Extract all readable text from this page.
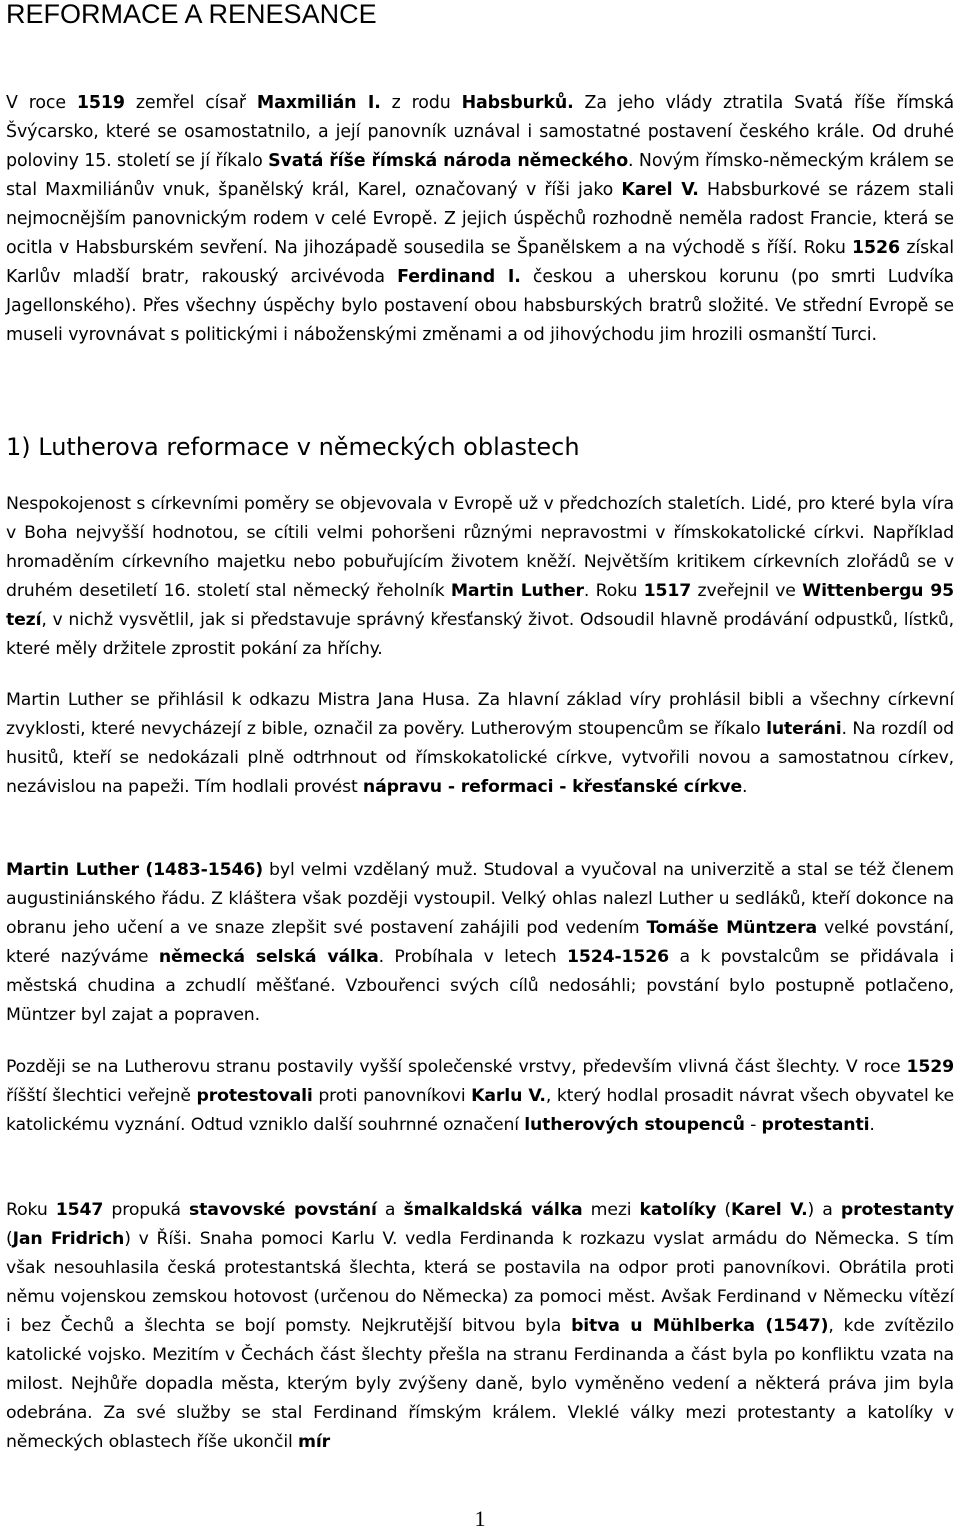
REFORMACE A RENESANCE

V roce 1519 zemřel císař Maxmilián I. z rodu Habsburků. Za jeho vlády ztratila Svatá říše římská Švýcarsko, které se osamostatnilo, a její panovník uznával i samostatné postavení českého krále. Od druhé poloviny 15. století se jí říkalo Svatá říše římská národa německého. Novým římsko-německým králem se stal Maxmiliánův vnuk, španělský král, Karel, označovaný v říši jako Karel V. Habsburkové se rázem stali nejmocnějším panovnickým rodem v celé Evropě. Z jejich úspěchů rozhodně neměla radost Francie, která se ocitla v Habsburském sevření. Na jihozápadě sousedila se Španělskem a na východě s říší. Roku 1526 získal Karlův mladší bratr, rakouský arcivévoda Ferdinand I. českou a uherskou korunu (po smrti Ludvíka Jagellonského). Přes všechny úspěchy bylo postavení obou habsburských bratrů složité. Ve střední Evropě se museli vyrovnávat s politickými i náboženskými změnami a od jihovýchodu jim hrozili osmanští Turci.

1) Lutherova reformace v německých oblastech

Nespokojenost s církevními poměry se objevovala v Evropě už v předchozích staletích. Lidé, pro které byla víra v Boha nejvyšší hodnotou, se cítili velmi pohoršeni různými nepravostmi v římskokatolické církvi. Například hromaděním církevního majetku nebo pobuřujícím životem kněží. Největším kritikem církevních zlořádů se v druhém desetiletí 16. století stal německý řeholník Martin Luther. Roku 1517 zveřejnil ve Wittenbergu 95 tezí, v nichž vysvětlil, jak si představuje správný křesťanský život. Odsoudil hlavně prodávání odpustků, lístků, které měly držitele zprostit pokání za hříchy.

Martin Luther se přihlásil k odkazu Mistra Jana Husa. Za hlavní základ víry prohlásil bibli a všechny církevní zvyklosti, které nevycházejí z bible, označil za pověry. Lutherovým stoupencům se říkalo luteráni. Na rozdíl od husitů, kteří se nedokázali plně odtrhnout od římskokatolické církve, vytvořili novou a samostatnou církev, nezávislou na papeži. Tím hodlali provést nápravu - reformaci - křesťanské církve.

Martin Luther (1483-1546) byl velmi vzdělaný muž. Studoval a vyučoval na univerzitě a stal se též členem augustiniánského řádu. Z kláštera však později vystoupil. Velký ohlas nalezl Luther u sedláků, kteří dokonce na obranu jeho učení a ve snaze zlepšit své postavení zahájili pod vedením Tomáše Müntzera velké povstání, které nazýváme německá selská válka. Probíhala v letech 1524-1526 a k povstalcům se přidávala i městská chudina a zchudlí měšťané. Vzbouřenci svých cílů nedosáhli; povstání bylo postupně potlačeno, Müntzer byl zajat a popraven.

Později se na Lutherovu stranu postavily vyšší společenské vrstvy, především vlivná část šlechty. V roce 1529 říšští šlechtici veřejně protestovali proti panovníkovi Karlu V., který hodlal prosadit návrat všech obyvatel ke katolickému vyznání. Odtud vzniklo další souhrnné označení lutherových stoupenců - protestanti.

Roku 1547 propuká stavovské povstání a šmalkaldská válka mezi katolíky (Karel V.) a protestanty (Jan Fridrich) v Říši. Snaha pomoci Karlu V. vedla Ferdinanda k rozkazu vyslat armádu do Německa. S tím však nesouhlasila česká protestantská šlechta, která se postavila na odpor proti panovníkovi. Obrátila proti němu vojenskou zemskou hotovost (určenou do Německa) za pomoci měst. Avšak Ferdinand v Německu vítězí i bez Čechů a šlechta se bojí pomsty. Nejkrutější bitvou byla bitva u Mühlberka (1547), kde zvítězilo katolické vojsko. Mezitím v Čechách část šlechty přešla na stranu Ferdinanda a část byla po konfliktu vzata na milost. Nejhůře dopadla města, kterým byly zvýšeny daně, bylo vyměněno vedení a některá práva jim byla odebrána. Za své služby se stal Ferdinand římským králem. Vleklé války mezi protestanty a katolíky v německých oblastech říše ukončil mír

1
